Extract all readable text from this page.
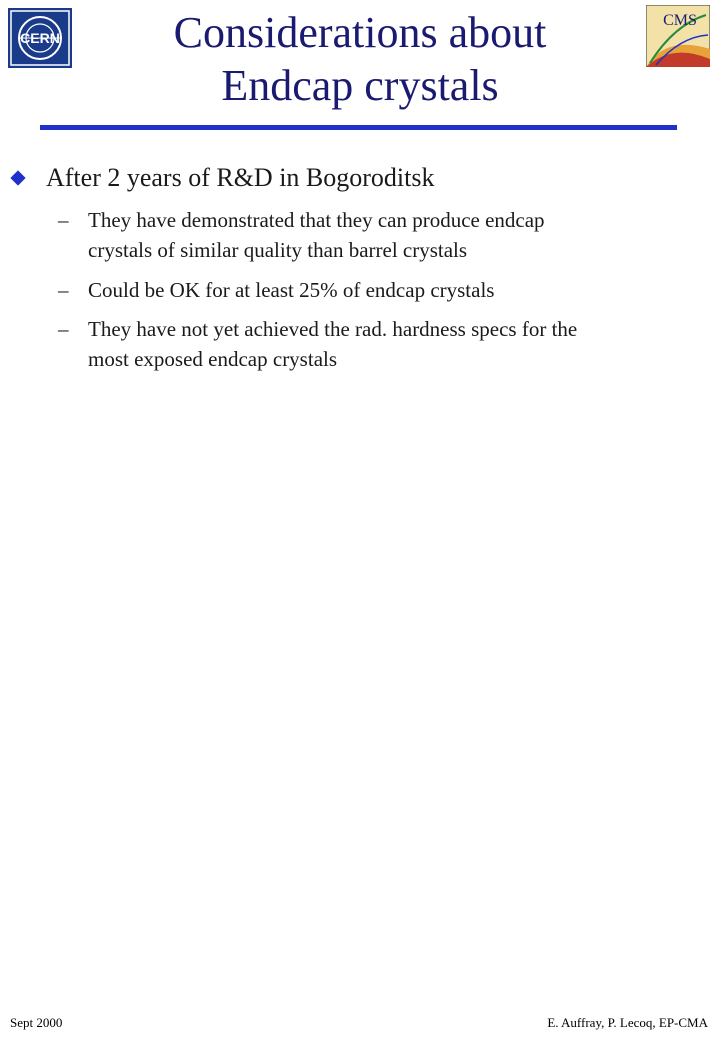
CERN
CMS
Considerations about
Endcap crystals
After 2 years of R&D in Bogoroditsk
– They have demonstrated that they can produce endcap
crystals of similar quality than barrel crystals
– Could be OK for at least 25% of endcap crystals
– They have not yet achieved the rad. hardness specs for the
most exposed endcap crystals
Sept 2000	E. Auffray, P. Lecoq, EP-CMA
